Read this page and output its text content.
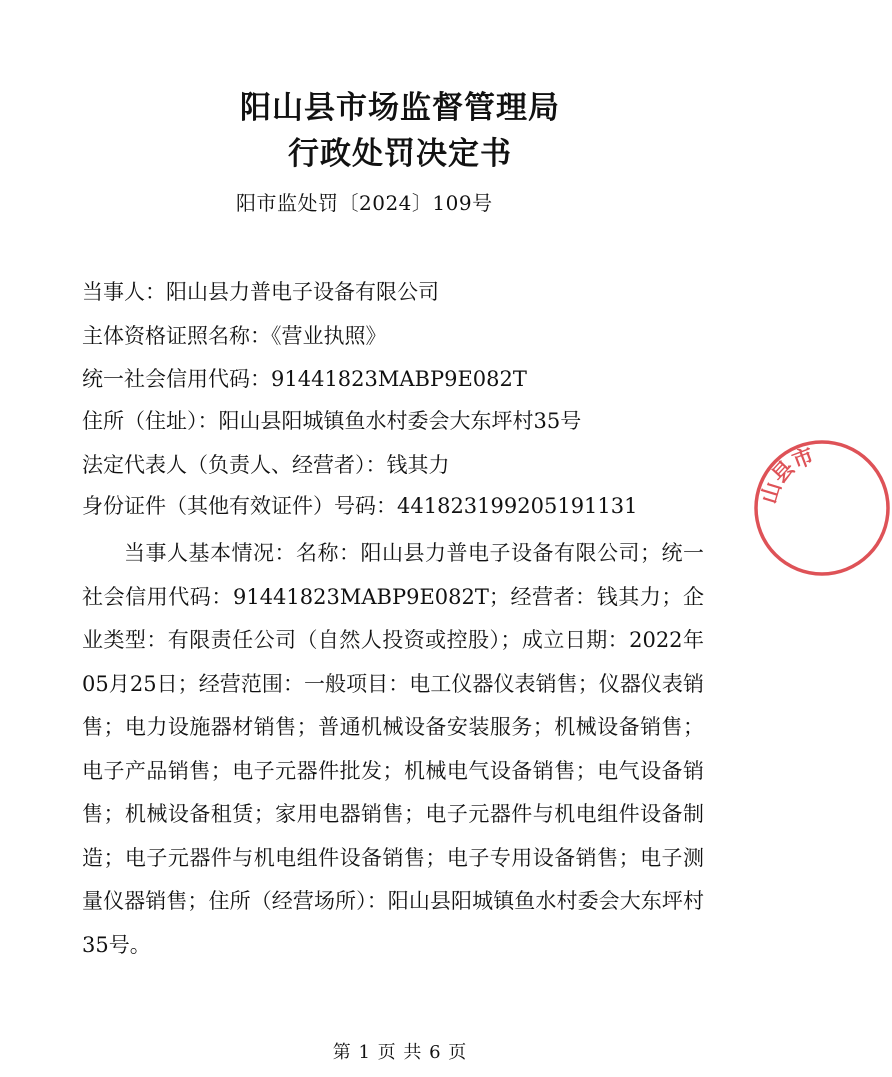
阳山县市场监督管理局
行政处罚决定书
阳市监处罚〔2024〕109号
当事人：阳山县力普电子设备有限公司
主体资格证照名称：《营业执照》
统一社会信用代码：91441823MABP9E082T
住所（住址）：阳山县阳城镇鱼水村委会大东坪村35号
法定代表人（负责人、经营者）：钱其力
身份证件（其他有效证件）号码：441823199205191131
当事人基本情况：名称：阳山县力普电子设备有限公司；统一社会信用代码：91441823MABP9E082T；经营者：钱其力；企业类型：有限责任公司（自然人投资或控股）；成立日期：2022年05月25日；经营范围：一般项目：电工仪器仪表销售；仪器仪表销售；电力设施器材销售；普通机械设备安装服务；机械设备销售；电子产品销售；电子元器件批发；机械电气设备销售；电气设备销售；机械设备租赁；家用电器销售；电子元器件与机电组件设备制造；电子元器件与机电组件设备销售；电子专用设备销售；电子测量仪器销售；住所（经营场所）：阳山县阳城镇鱼水村委会大东坪村35号。
山县市
第 1 页 共 6 页
